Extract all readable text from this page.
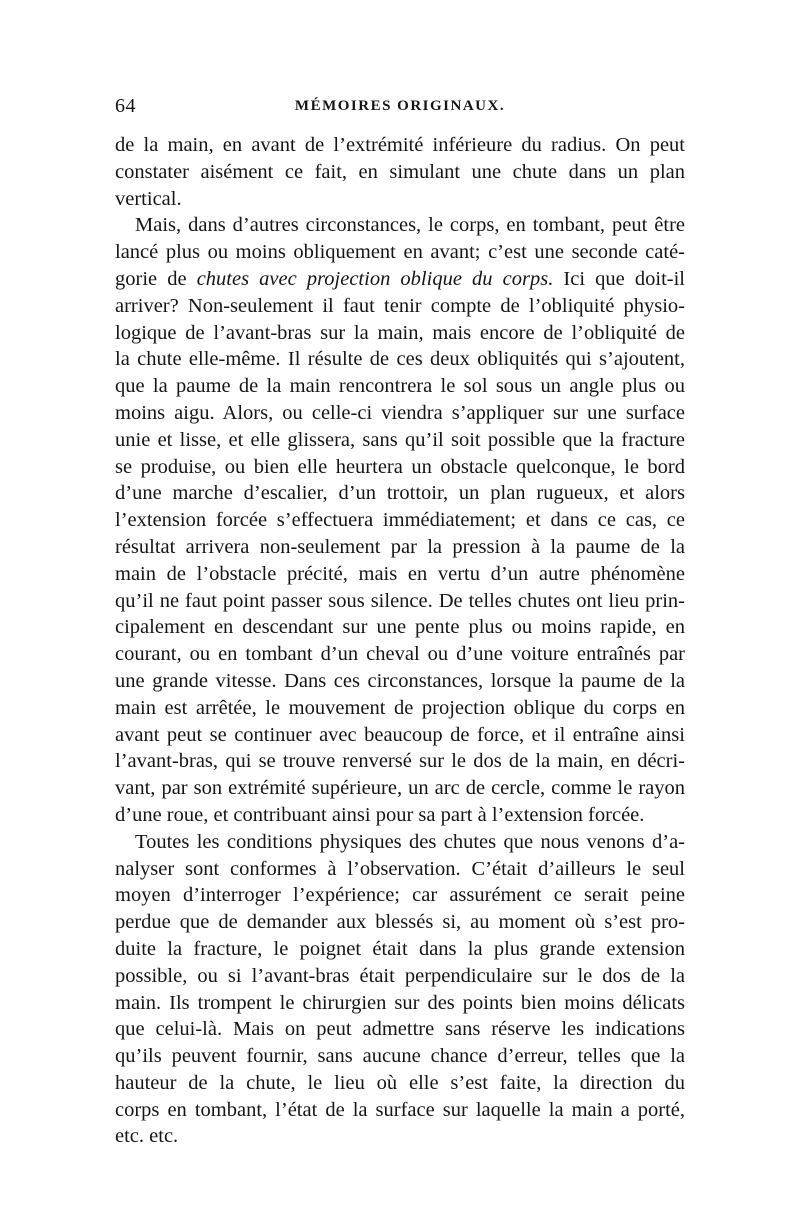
64	MÉMOIRES ORIGINAUX.
de la main, en avant de l’extrémité inférieure du radius. On peut
constater aisément ce fait, en simulant une chute dans un plan
vertical.
Mais, dans d’autres circonstances, le corps, en tombant, peut être
lancé plus ou moins obliquement en avant; c’est une seconde caté-
gorie de chutes avec projection oblique du corps. Ici que doit-il
arriver? Non-seulement il faut tenir compte de l’obliquité physio-
logique de l’avant-bras sur la main, mais encore de l’obliquité de
la chute elle-même. Il résulte de ces deux obliquités qui s’ajoutent,
que la paume de la main rencontrera le sol sous un angle plus ou
moins aigu. Alors, ou celle-ci viendra s’appliquer sur une surface
unie et lisse, et elle glissera, sans qu’il soit possible que la fracture
se produise, ou bien elle heurtera un obstacle quelconque, le bord
d’une marche d’escalier, d’un trottoir, un plan rugueux, et alors
l’extension forcée s’effectuera immédiatement; et dans ce cas, ce
résultat arrivera non-seulement par la pression à la paume de la
main de l’obstacle précité, mais en vertu d’un autre phénomène
qu’il ne faut point passer sous silence. De telles chutes ont lieu prin-
cipalement en descendant sur une pente plus ou moins rapide, en
courant, ou en tombant d’un cheval ou d’une voiture entraînés par
une grande vitesse. Dans ces circonstances, lorsque la paume de la
main est arrêtée, le mouvement de projection oblique du corps en
avant peut se continuer avec beaucoup de force, et il entraîne ainsi
l’avant-bras, qui se trouve renversé sur le dos de la main, en décri-
vant, par son extrémité supérieure, un arc de cercle, comme le rayon
d’une roue, et contribuant ainsi pour sa part à l’extension forcée.
Toutes les conditions physiques des chutes que nous venons d’a-
nalyser sont conformes à l’observation. C’était d’ailleurs le seul
moyen d’interroger l’expérience; car assurément ce serait peine
perdue que de demander aux blessés si, au moment où s’est pro-
duite la fracture, le poignet était dans la plus grande extension
possible, ou si l’avant-bras était perpendiculaire sur le dos de la
main. Ils trompent le chirurgien sur des points bien moins délicats
que celui-là. Mais on peut admettre sans réserve les indications
qu’ils peuvent fournir, sans aucune chance d’erreur, telles que la
hauteur de la chute, le lieu où elle s’est faite, la direction du
corps en tombant, l’état de la surface sur laquelle la main a porté,
etc. etc.
